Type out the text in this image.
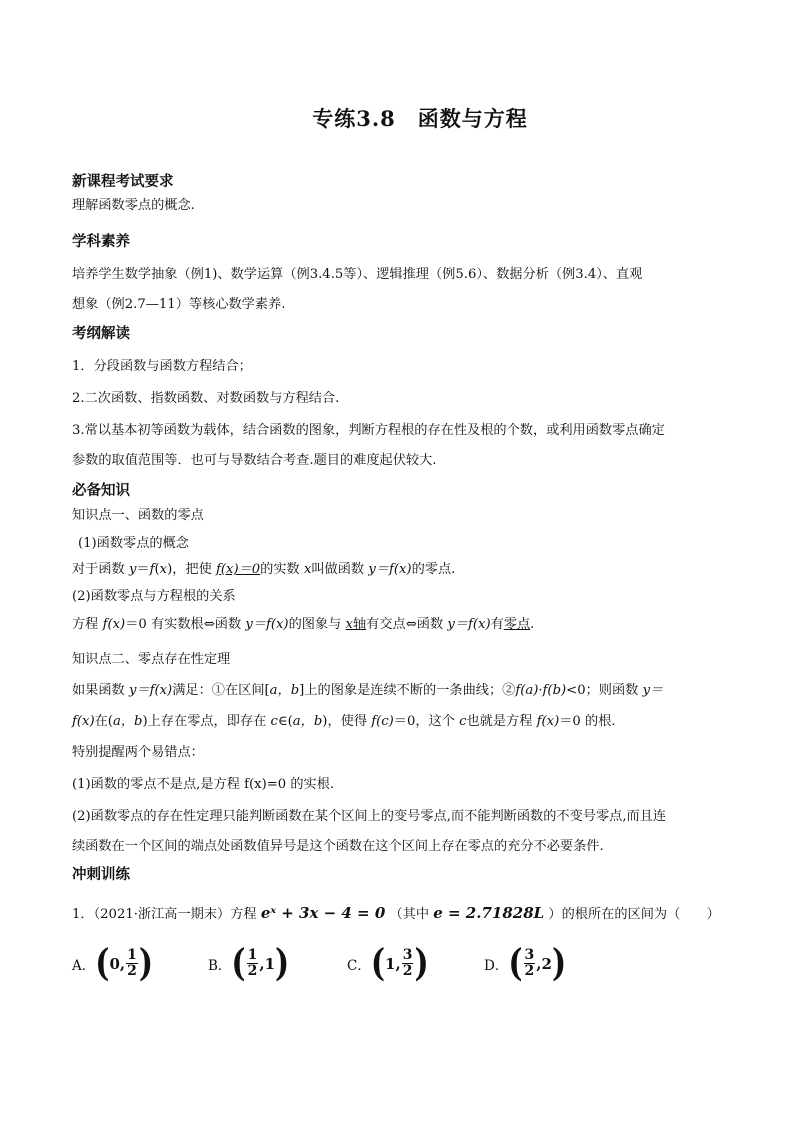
专练3.8　函数与方程
新课程考试要求
理解函数零点的概念.
学科素养
培养学生数学抽象（例1)、数学运算（例3.4.5等）、逻辑推理（例5.6）、数据分析（例3.4）、直观
想象（例2.7—11）等核心数学素养.
考纲解读
1．分段函数与函数方程结合；
2.二次函数、指数函数、对数函数与方程结合.
3.常以基本初等函数为载体，结合函数的图象，判断方程根的存在性及根的个数，或利用函数零点确定
参数的取值范围等．也可与导数结合考查.题目的难度起伏较大.
必备知识
知识点一、函数的零点
(1)函数零点的概念
对于函数 y＝f(x)，把使 f(x)＝0的实数 x叫做函数 y＝f(x)的零点.
(2)函数零点与方程根的关系
方程 f(x)＝0 有实数根⇔函数 y＝f(x)的图象与 x轴有交点⇔函数 y＝f(x)有零点.
知识点二、零点存在性定理
如果函数 y＝f(x)满足：①在区间[a，b]上的图象是连续不断的一条曲线；②f(a)·f(b)<0；则函数 y＝
f(x)在(a，b)上存在零点，即存在 c∈(a，b)，使得 f(c)＝0，这个 c也就是方程 f(x)＝0 的根.
特别提醒两个易错点：
(1)函数的零点不是点,是方程 f(x)=0 的实根.
(2)函数零点的存在性定理只能判断函数在某个区间上的变号零点,而不能判断函数的不变号零点,而且连
续函数在一个区间的端点处函数值异号是这个函数在这个区间上存在零点的充分不必要条件.
冲刺训练
1．（2021·浙江高一期末）方程 eˣ + 3x − 4 = 0 （其中 e = 2.71828L ）的根所在的区间为（　　）
A． ( 0 , $\frac{1}{2}$ )	B． ( $\frac{1}{2}$ , 1 )	C． ( 1 , $\frac{3}{2}$ )	D． ( $\frac{3}{2}$ , 2 )
